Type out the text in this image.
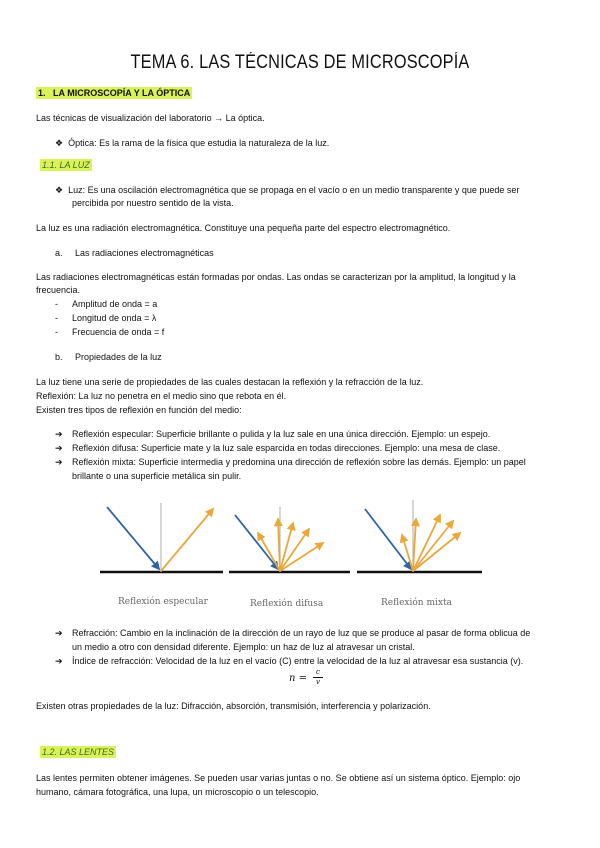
TEMA 6. LAS TÉCNICAS DE MICROSCOPÍA
1. LA MICROSCOPÍA Y LA ÓPTICA
Las técnicas de visualización del laboratorio → La óptica.
❖ Óptica: Es la rama de la física que estudia la naturaleza de la luz.
1.1. LA LUZ
❖ Luz: Es una oscilación electromagnética que se propaga en el vacío o en un medio transparente y que puede ser
percibida por nuestro sentido de la vista.
La luz es una radiación electromagnética. Constituye una pequeña parte del espectro electromagnético.
a. Las radiaciones electromagnéticas
Las radiaciones electromagnéticas están formadas por ondas. Las ondas se caracterizan por la amplitud, la longitud y la
frecuencia.
- Amplitud de onda = a
- Longitud de onda = λ
- Frecuencia de onda = f
b. Propiedades de la luz
La luz tiene una serie de propiedades de las cuales destacan la reflexión y la refracción de la luz.
Reflexión: La luz no penetra en el medio sino que rebota en él.
Existen tres tipos de reflexión en función del medio:
➔ Reflexión especular: Superficie brillante o pulida y la luz sale en una única dirección. Ejemplo: un espejo.
➔ Reflexión difusa: Superficie mate y la luz sale esparcida en todas direcciones. Ejemplo: una mesa de clase.
➔ Reflexión mixta: Superficie intermedia y predomina una dirección de reflexión sobre las demás. Ejemplo: un papel
brillante o una superficie metálica sin pulir.
Reflexión especular	Reflexión difusa	Reflexión mixta
➔ Refracción: Cambio en la inclinación de la dirección de un rayo de luz que se produce al pasar de forma oblicua de
un medio a otro con densidad diferente. Ejemplo: un haz de luz al atravesar un cristal.
➔ Índice de refracción: Velocidad de la luz en el vacío (C) entre la velocidad de la luz al atravesar esa sustancia (v).
n =
c
v
Existen otras propiedades de la luz: Difracción, absorción, transmisión, interferencia y polarización.
1.2. LAS LENTES
Las lentes permiten obtener imágenes. Se pueden usar varias juntas o no. Se obtiene así un sistema óptico. Ejemplo: ojo
humano, cámara fotográfica, una lupa, un microscopio o un telescopio.
